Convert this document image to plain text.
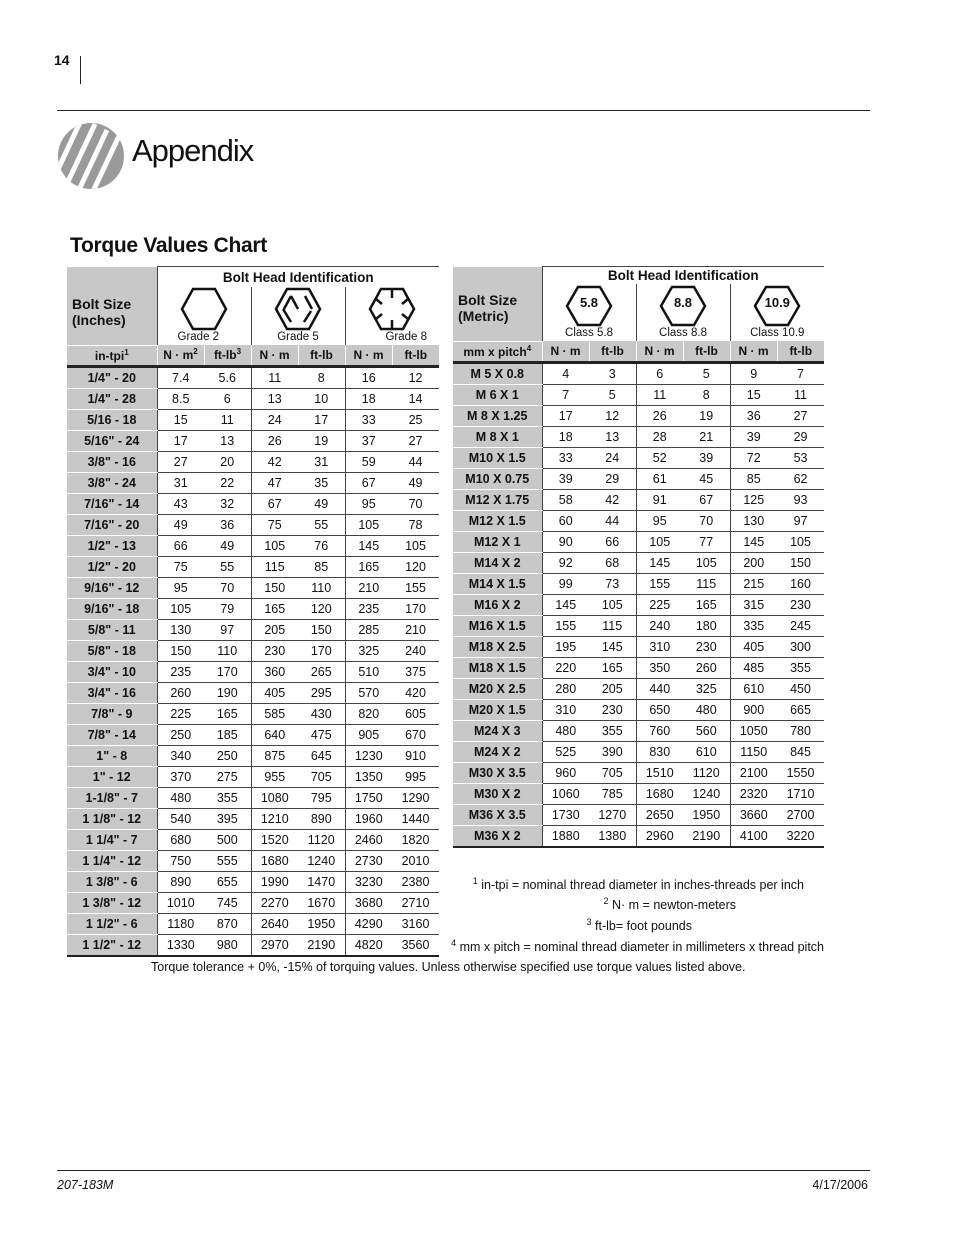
14
Appendix
Torque Values Chart
Bolt Size
(Inches)	Bolt Head Identification					

	Grade 2		Grade 5		Grade 8	

in-tpi$^1$	$N \cdot m^2$	$ft-lb^3$	N · m	ft-lb	N · m	ft-lb
1/4" - 20	7.4	5.6	11	8	16	12
1/4" - 28	8.5	6	13	10	18	14
5/16 - 18	15	11	24	17	33	25
5/16" - 24	17	13	26	19	37	27
3/8" - 16	27	20	42	31	59	44
3/8" - 24	31	22	47	35	67	49
7/16" - 14	43	32	67	49	95	70
7/16" - 20	49	36	75	55	105	78
1/2" - 13	66	49	105	76	145	105
1/2" - 20	75	55	115	85	165	120
9/16" - 12	95	70	150	110	210	155
9/16" - 18	105	79	165	120	235	170
5/8" - 11	130	97	205	150	285	210
5/8" - 18	150	110	230	170	325	240
3/4" - 10	235	170	360	265	510	375
3/4" - 16	260	190	405	295	570	420
7/8" - 9	225	165	585	430	820	605
7/8" - 14	250	185	640	475	905	670
1" - 8	340	250	875	645	1230	910
1" - 12	370	275	955	705	1350	995
1-1/8" - 7	480	355	1080	795	1750	1290
1 1/8" - 12	540	395	1210	890	1960	1440
1 1/4" - 7	680	500	1520	1120	2460	1820
1 1/4" - 12	750	555	1680	1240	2730	2010
1 3/8" - 6	890	655	1990	1470	3230	2380
1 3/8" - 12	1010	745	2270	1670	3680	2710
1 1/2" - 6	1180	870	2640	1950	4290	3160
1 1/2" - 12	1330	980	2970	2190	4820	3560
Bolt Size
(Metric)	Bolt Head Identification					

	5.8
Class 5.8		8.8
Class 8.8		10.9
Class 10.9	

mm x pitch$^4$	N · m	ft-lb	N · m	ft-lb	N · m	ft-lb
M 5 X 0.8	4	3	6	5	9	7
M 6 X 1	7	5	11	8	15	11
M 8 X 1.25	17	12	26	19	36	27
M 8 X 1	18	13	28	21	39	29
M10 X 1.5	33	24	52	39	72	53
M10 X 0.75	39	29	61	45	85	62
M12 X 1.75	58	42	91	67	125	93
M12 X 1.5	60	44	95	70	130	97
M12 X 1	90	66	105	77	145	105
M14 X 2	92	68	145	105	200	150
M14 X 1.5	99	73	155	115	215	160
M16 X 2	145	105	225	165	315	230
M16 X 1.5	155	115	240	180	335	245
M18 X 2.5	195	145	310	230	405	300
M18 X 1.5	220	165	350	260	485	355
M20 X 2.5	280	205	440	325	610	450
M20 X 1.5	310	230	650	480	900	665
M24 X 3	480	355	760	560	1050	780
M24 X 2	525	390	830	610	1150	845
M30 X 3.5	960	705	1510	1120	2100	1550
M30 X 2	1060	785	1680	1240	2320	1710
M36 X 3.5	1730	1270	2650	1950	3660	2700
M36 X 2	1880	1380	2960	2190	4100	3220
$^1$ in-tpi = nominal thread diameter in inches-threads per inch
$^2$ N· m = newton-meters
$^3$ ft-lb= foot pounds
$^4$ mm x pitch = nominal thread diameter in millimeters x thread pitch
Torque tolerance + 0%, -15% of torquing values. Unless otherwise specified use torque values listed above.
207-183M	4/17/2006
